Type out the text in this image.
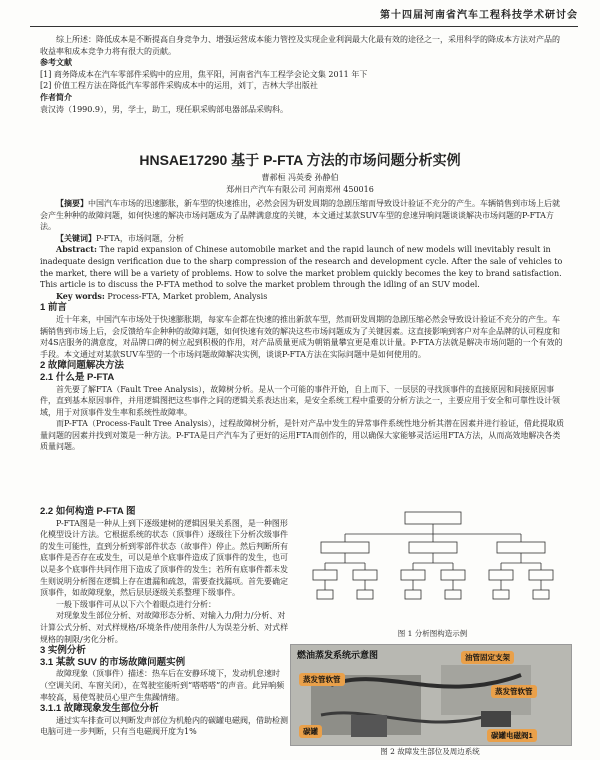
第十四届河南省汽车工程科技学术研讨会

综上所述：降低成本是不断提高自身竞争力、增强运营成本能力管控及实现企业利润最大化最有效的途径之一，采用科学的降成本方法对产品的收益率和成本竞争力将有很大的贡献。

参考文献

[1] 商务降成本在汽车零部件采购中的应用，焦平阳，河南省汽车工程学会论文集 2011 年下

[2] 价值工程方法在降低汽车零部件采购成本中的运用，刘丁，吉林大学出版社

作者简介

袁汉涛（1990.9），男，学士，助工，现任职采购部电器部品采购科。

HNSAE17290 基于 P-FTA 方法的市场问题分析实例
曹郝桓 冯英委 孙静伯
郑州日产汽车有限公司 河南郑州 450016

【摘要】中国汽车市场的迅速膨胀，新车型的快速推出，必然会因为研发周期的急剧压缩而导致设计验证不充分的产生。车辆销售到市场上后就会产生种种的故障问题，如何快速的解决市场问题成为了品牌满意度的关键，本文通过某款SUV车型的怠速异响问题谈谈解决市场问题的P-FTA方法。

【关键词】P-FTA，市场问题，分析

Abstract: The rapid expansion of Chinese automobile market and the rapid launch of new models will inevitably result in inadequate design verification due to the sharp compression of the research and development cycle. After the sale of vehicles to the market, there will be a variety of problems. How to solve the market problem quickly becomes the key to brand satisfaction. This article is to discuss the P-FTA method to solve the market problem through the idling of an SUV model.

Key words: Process-FTA, Market problem, Analysis

1 前言

近十年来，中国汽车市场处于快速膨胀期，每家车企都在快速的推出新款车型，然而研发周期的急剧压缩必然会导致设计验证不充分的产生。车辆销售到市场上后，会反馈给车企种种的故障问题，如何快速有效的解决这些市场问题成为了关键因素。这直接影响到客户对车企品牌的认可程度和对4S店服务的满意度，对品牌口碑的树立起到积极的作用，对产品质量更成为朝销量攀宜更是难以计量。P-FTA方法就是解决市场问题的一个有效的手段。本文通过对某款SUV车型的一个市场问题故障解决实例，谈谈P-FTA方法在实际问题中是如何使用的。

2 故障问题解决方法

2.1 什么是 P-FTA

首先要了解FTA（Fault Tree Analysis），故障树分析。是从一个可能的事件开始，自上而下、一层层的寻找顶事件的直接原因和间接原因事件，直到基本原因事件，并用逻辑图把这些事件之间的逻辑关系表达出来，是安全系统工程中重要的分析方法之一，主要应用于安全和可靠性设计领域，用于对顶事件发生率和系统性故障率。

而P-FTA（Process-Fault Tree Analysis），过程故障树分析，是针对产品中发生的异常事件系统性地分析其潜在因素并进行验证，借此提取质量问题的因素并找到对策是一种方法。P-FTA是日产汽车为了更好的运用FTA而创作的，用以确保大家能够灵活运用FTA方法，从而高效地解决各类质量问题。

2.2 如何构造 P-FTA 图

P-FTA图是一种从上到下逐级建树的逻辑因果关系图，是一种图形化模型设计方法。它根据系统的状态（顶事件）逐级往下分析次级事件的发生可能性，直到分析到零部件状态（故事件）停止。然后判断所有底事件是否存在或发生，可以是单个底事件造成了顶事件的发生，也可以是多个底事件共同作用下造成了顶事件的发生；若所有底事件都未发生则说明分析图在逻辑上存在遗漏和疏忽，需要查找漏项。首先要确定顶事件，如故障现象，然后层层逐级关系整理下级事件。

一般下级事件可从以下六个着眼点进行分析：

对现象发生部位分析、对故障形态分析、对输入力/附力/分析、对计算公式分析、对式样规格/环境条件/使用条件/人为误差分析、对式样规格的制限/劣化分析。

3 实例分析

3.1 某款 SUV 的市场故障问题实例

故障现象（顶事件）描述：热车后在安静环境下，发动机怠速时（空调关闭、车窗关闭），在驾驶室能听到“嗒嗒嗒”的声音。此异响频率较高，易使驾驶员心里产生焦躁情绪。

3.1.1 故障现象发生部位分析

通过实车排查可以判断发声部位为机舱内的碳罐电磁阀，借助检测电脑可进一步判断，只有当电磁阀开度为1%

图 1 分析图构造示例
燃油蒸发系统示意图	油管固定支架
蒸发管软管
蒸发管软管
碳罐	碳罐电磁阀1
图 2 故障发生部位及周边系统
